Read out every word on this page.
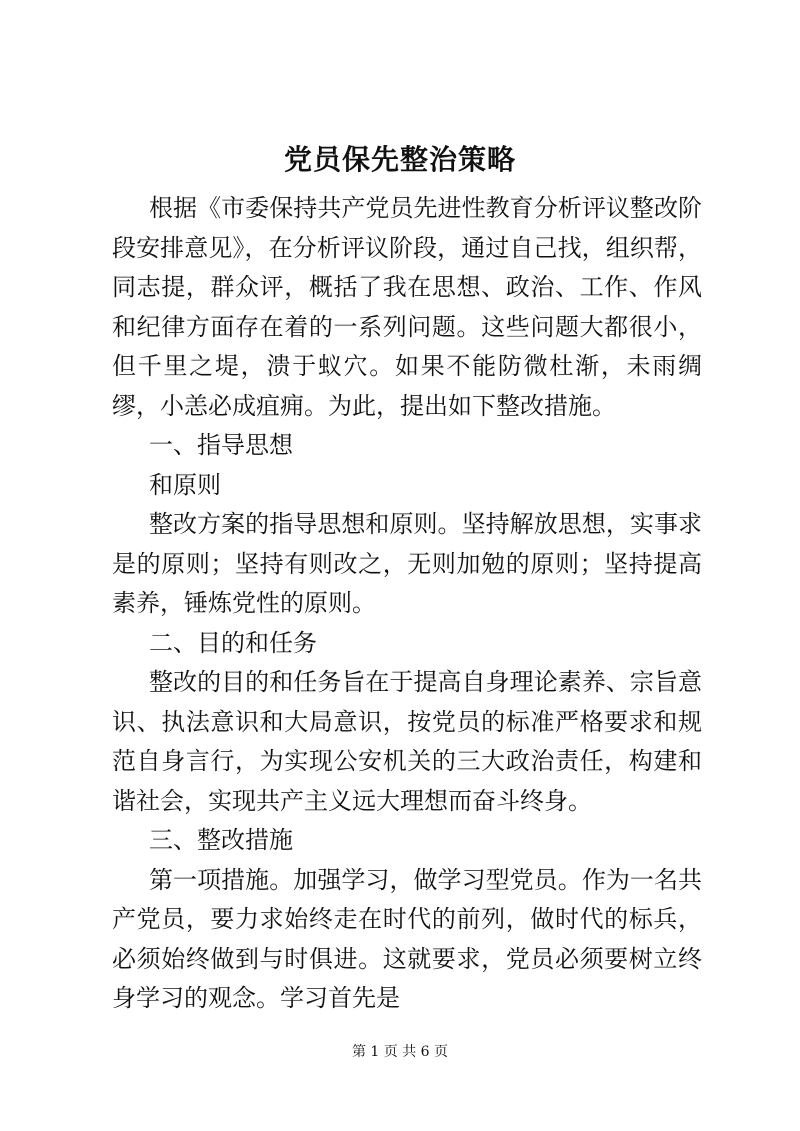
党员保先整治策略

根据《市委保持共产党员先进性教育分析评议整改阶段安排意见》，在分析评议阶段，通过自己找，组织帮，同志提，群众评，概括了我在思想、政治、工作、作风和纪律方面存在着的一系列问题。这些问题大都很小，但千里之堤，溃于蚁穴。如果不能防微杜渐，未雨绸缪，小恙必成疽痈。为此，提出如下整改措施。

一、指导思想

和原则

整改方案的指导思想和原则。坚持解放思想，实事求是的原则；坚持有则改之，无则加勉的原则；坚持提高素养，锤炼党性的原则。

二、目的和任务

整改的目的和任务旨在于提高自身理论素养、宗旨意识、执法意识和大局意识，按党员的标准严格要求和规范自身言行，为实现公安机关的三大政治责任，构建和谐社会，实现共产主义远大理想而奋斗终身。

三、整改措施

第一项措施。加强学习，做学习型党员。作为一名共产党员，要力求始终走在时代的前列，做时代的标兵，必须始终做到与时俱进。这就要求，党员必须要树立终身学习的观念。学习首先是

第 1 页 共 6 页
